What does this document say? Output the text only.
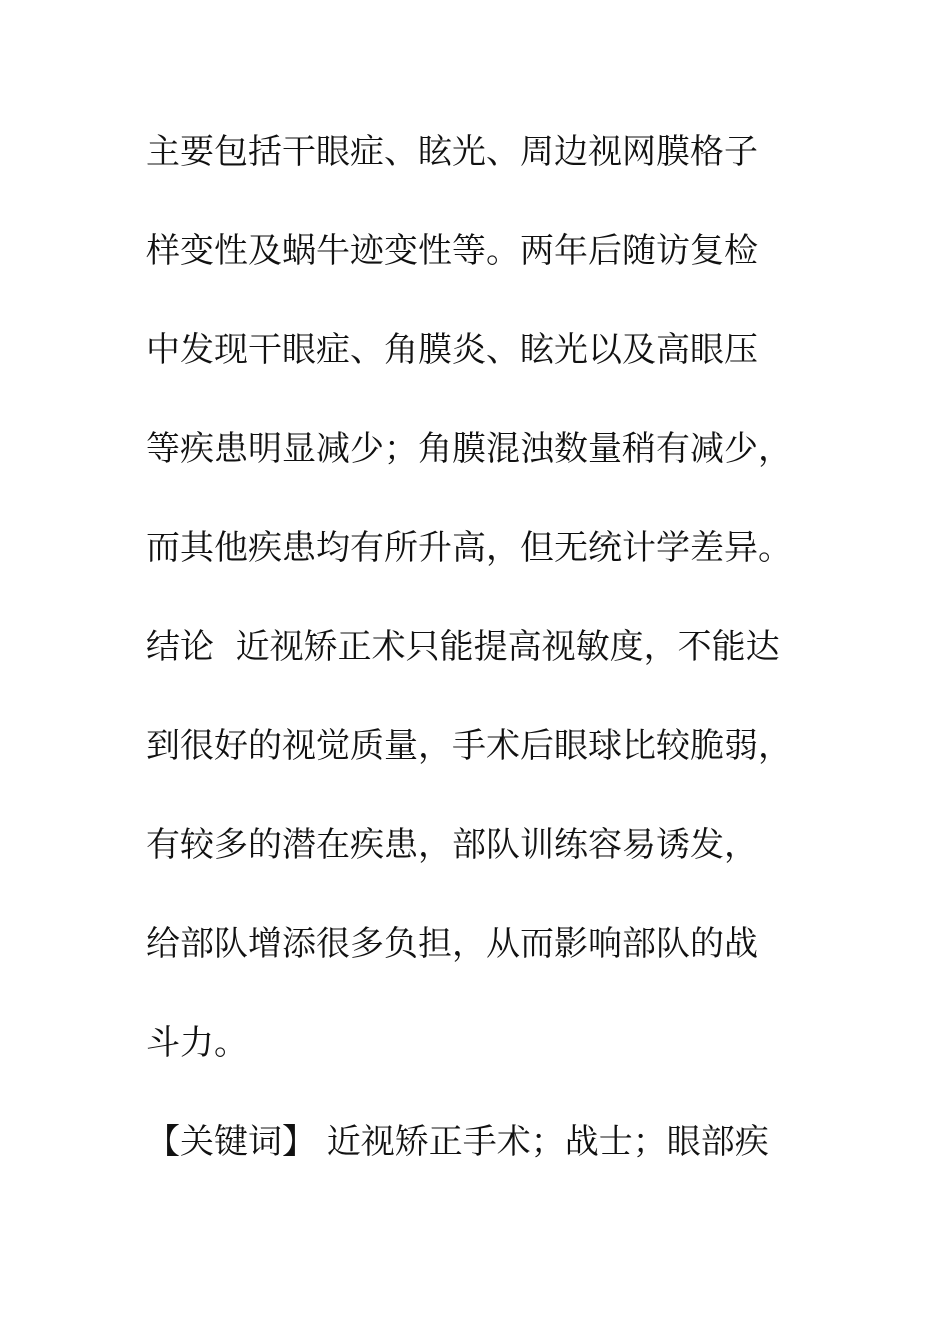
主要包括干眼症、眩光、周边视网膜格子
样变性及蜗牛迹变性等。两年后随访复检
中发现干眼症、角膜炎、眩光以及高眼压
等疾患明显减少；角膜混浊数量稍有减少，
而其他疾患均有所升高，但无统计学差异。
结论  近视矫正术只能提高视敏度，不能达
到很好的视觉质量，手术后眼球比较脆弱，
有较多的潜在疾患，部队训练容易诱发，
给部队增添很多负担，从而影响部队的战
斗力。
【关键词】 近视矫正手术；战士；眼部疾
